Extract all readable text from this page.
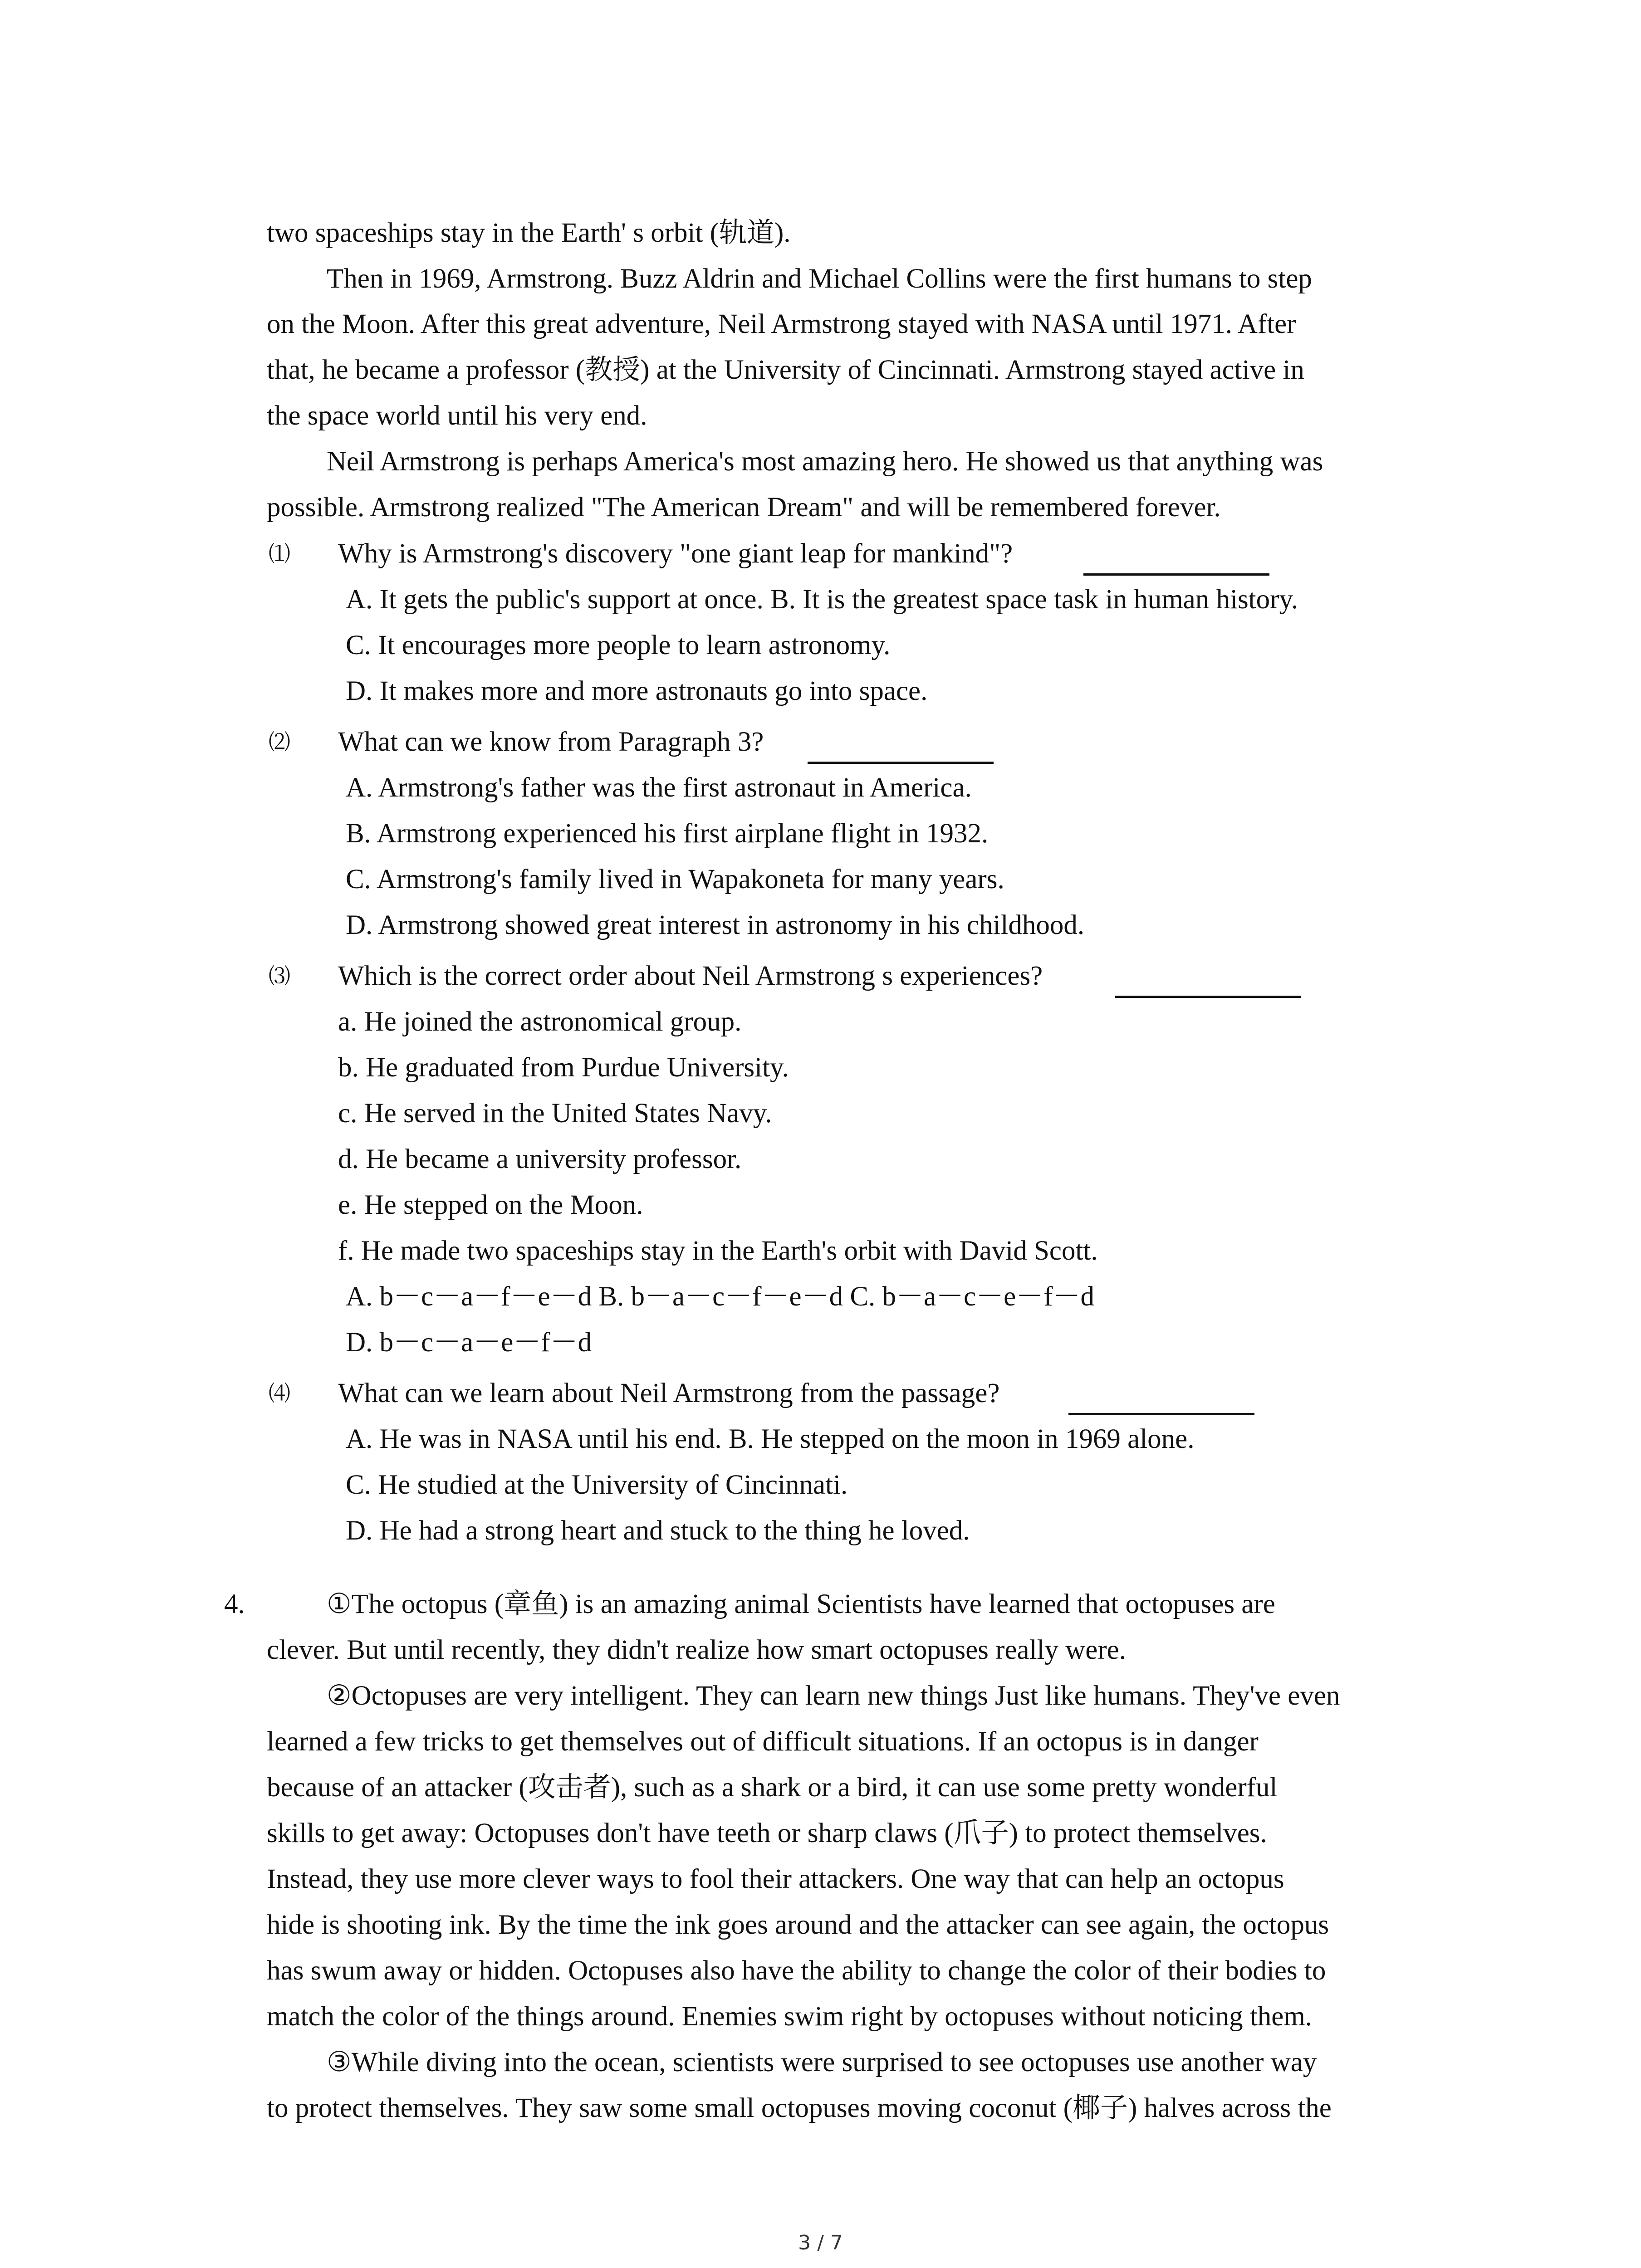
two spaceships stay in the Earth' s orbit (轨道).
Then in 1969, Armstrong. Buzz Aldrin and Michael Collins were the first humans to step
on the Moon. After this great adventure, Neil Armstrong stayed with NASA until 1971. After
that, he became a professor (教授) at the University of Cincinnati. Armstrong stayed active in
the space world until his very end.
Neil Armstrong is perhaps America's most amazing hero. He showed us that anything was
possible. Armstrong realized "The American Dream" and will be remembered forever.
⑴ Why is Armstrong's discovery "one giant leap for mankind"?
A. It gets the public's support at once. B. It is the greatest space task in human history.
C. It encourages more people to learn astronomy.
D. It makes more and more astronauts go into space.
⑵ What can we know from Paragraph 3?
A. Armstrong's father was the first astronaut in America.
B. Armstrong experienced his first airplane flight in 1932.
C. Armstrong's family lived in Wapakoneta for many years.
D. Armstrong showed great interest in astronomy in his childhood.
⑶ Which is the correct order about Neil Armstrong s experiences?
a. He joined the astronomical group.
b. He graduated from Purdue University.
c. He served in the United States Navy.
d. He became a university professor.
e. He stepped on the Moon.
f. He made two spaceships stay in the Earth's orbit with David Scott.
A. b－c－a－f－e－d B. b－a－c－f－e－d C. b－a－c－e－f－d
D. b－c－a－e－f－d
⑷ What can we learn about Neil Armstrong from the passage?
A. He was in NASA until his end. B. He stepped on the moon in 1969 alone.
C. He studied at the University of Cincinnati.
D. He had a strong heart and stuck to the thing he loved.
4.	①The octopus (章鱼) is an amazing animal Scientists have learned that octopuses are
clever. But until recently, they didn't realize how smart octopuses really were.
②Octopuses are very intelligent. They can learn new things Just like humans. They've even
learned a few tricks to get themselves out of difficult situations. If an octopus is in danger
because of an attacker (攻击者), such as a shark or a bird, it can use some pretty wonderful
skills to get away: Octopuses don't have teeth or sharp claws (爪子) to protect themselves.
Instead, they use more clever ways to fool their attackers. One way that can help an octopus
hide is shooting ink. By the time the ink goes around and the attacker can see again, the octopus
has swum away or hidden. Octopuses also have the ability to change the color of their bodies to
match the color of the things around. Enemies swim right by octopuses without noticing them.
③While diving into the ocean, scientists were surprised to see octopuses use another way
to protect themselves. They saw some small octopuses moving coconut (椰子) halves across the
3 / 7
